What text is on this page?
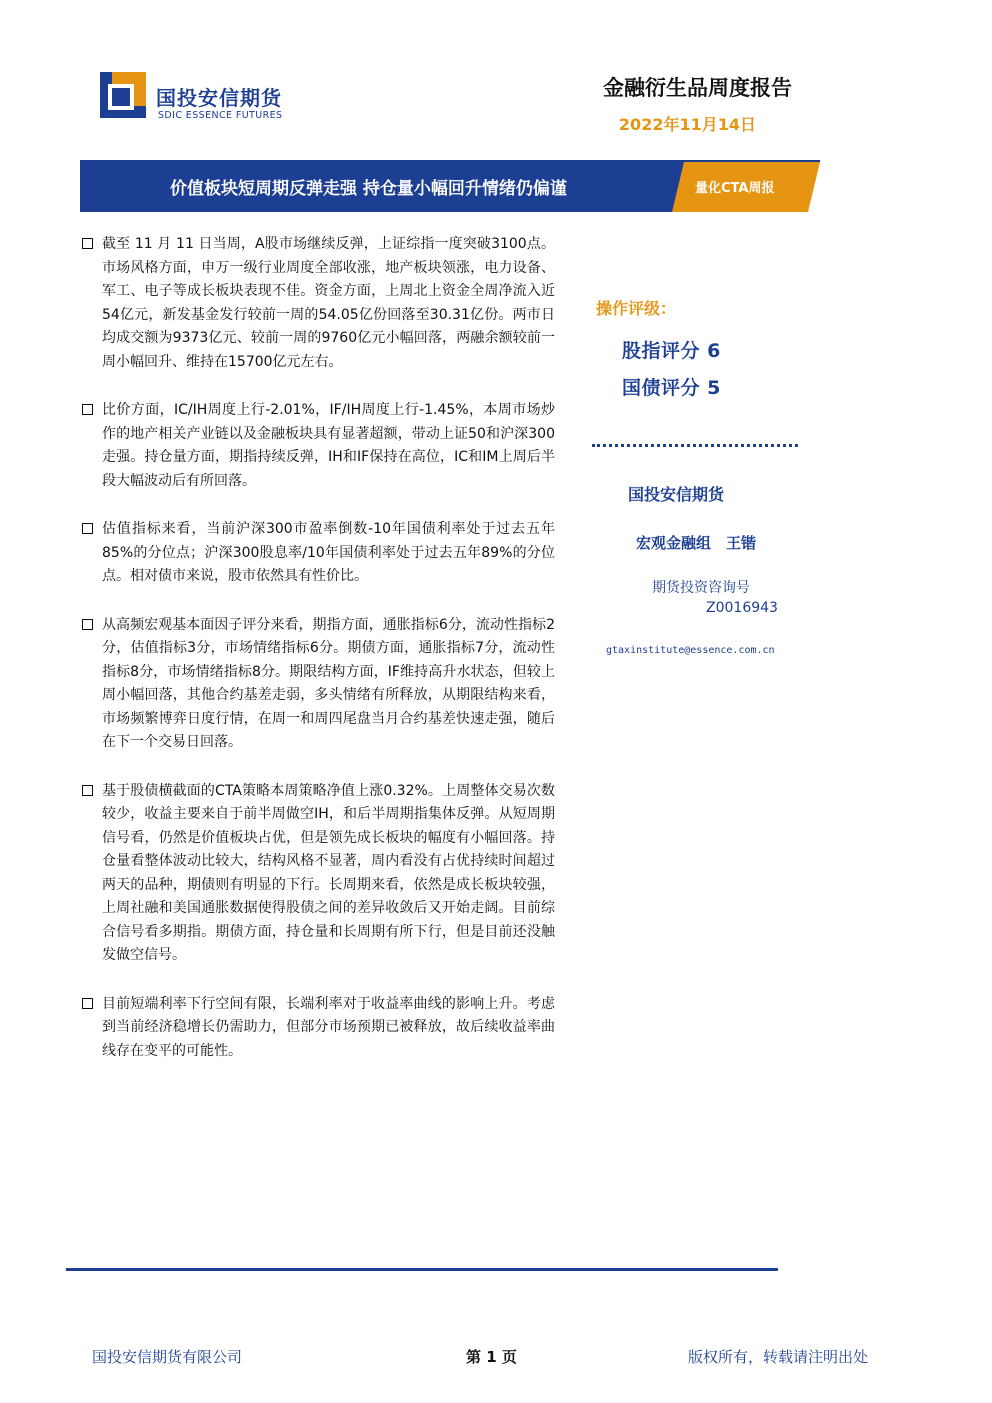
国投安信期货
SDIC ESSENCE FUTURES
金融衍生品周度报告
2022年11月14日
价值板块短周期反弹走强 持仓量小幅回升情绪仍偏谨	量化CTA周报
截至 11 月 11 日当周，A股市场继续反弹，上证综指一度突破3100点。市场风格方面，申万一级行业周度全部收涨，地产板块领涨，电力设备、军工、电子等成长板块表现不佳。资金方面，上周北上资金全周净流入近54亿元，新发基金发行较前一周的54.05亿份回落至30.31亿份。两市日均成交额为9373亿元、较前一周的9760亿元小幅回落，两融余额较前一周小幅回升、维持在15700亿元左右。
比价方面，IC/IH周度上行-2.01%，IF/IH周度上行-1.45%，本周市场炒作的地产相关产业链以及金融板块具有显著超额，带动上证50和沪深300走强。持仓量方面，期指持续反弹，IH和IF保持在高位，IC和IM上周后半段大幅波动后有所回落。
估值指标来看，当前沪深300市盈率倒数-10年国债利率处于过去五年85%的分位点；沪深300股息率/10年国债利率处于过去五年89%的分位点。相对债市来说，股市依然具有性价比。
从高频宏观基本面因子评分来看，期指方面，通胀指标6分，流动性指标2分，估值指标3分，市场情绪指标6分。期债方面，通胀指标7分，流动性指标8分，市场情绪指标8分。期限结构方面，IF维持高升水状态，但较上周小幅回落，其他合约基差走弱，多头情绪有所释放，从期限结构来看，市场频繁博弈日度行情，在周一和周四尾盘当月合约基差快速走强，随后在下一个交易日回落。
基于股债横截面的CTA策略本周策略净值上涨0.32%。上周整体交易次数较少，收益主要来自于前半周做空IH，和后半周期指集体反弹。从短周期信号看，仍然是价值板块占优，但是领先成长板块的幅度有小幅回落。持仓量看整体波动比较大，结构风格不显著，周内看没有占优持续时间超过两天的品种，期债则有明显的下行。长周期来看，依然是成长板块较强，上周社融和美国通胀数据使得股债之间的差异收敛后又开始走阔。目前综合信号看多期指。期债方面，持仓量和长周期有所下行，但是目前还没触发做空信号。
目前短端利率下行空间有限，长端利率对于收益率曲线的影响上升。考虑到当前经济稳增长仍需助力，但部分市场预期已被释放，故后续收益率曲线存在变平的可能性。
操作评级：
股指评分 6
国债评分 5
国投安信期货
宏观金融组　王锴
期货投资咨询号
Z0016943
gtaxinstitute@essence.com.cn
国投安信期货有限公司	第 1 页	版权所有，转载请注明出处
